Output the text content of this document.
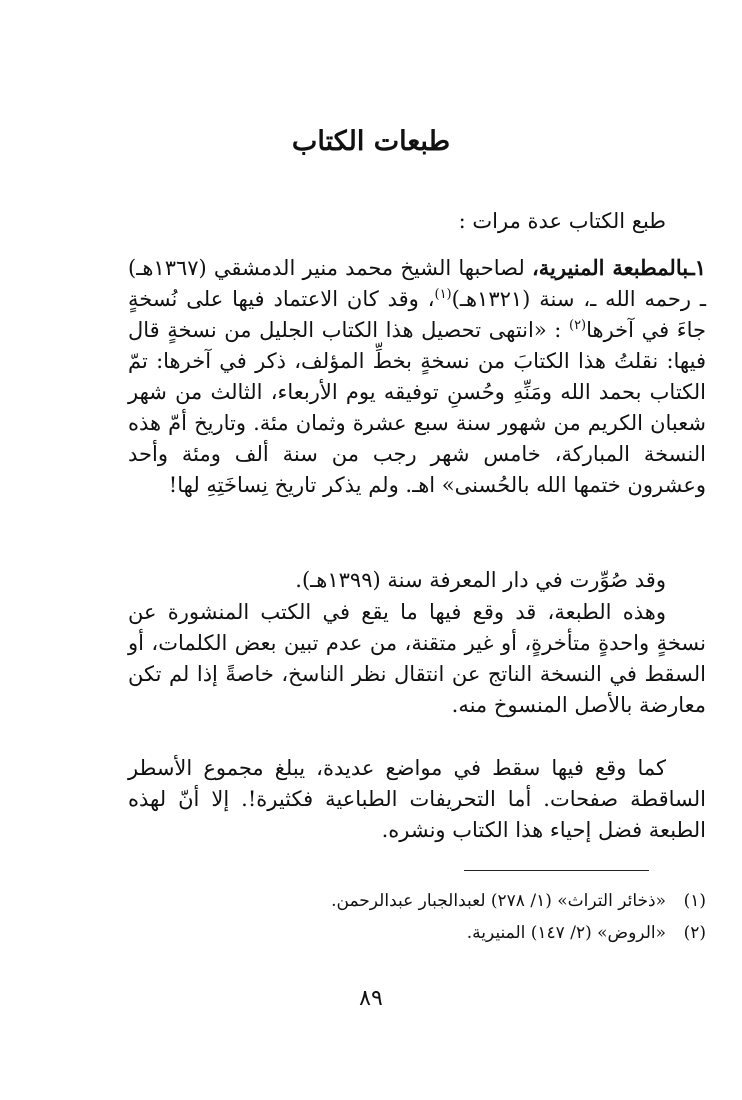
طبعات الكتاب

طبع الكتاب عدة مرات :

١ـبالمطبعة المنيرية، لصاحبها الشيخ محمد منير الدمشقي (١٣٦٧هـ) ـ رحمه الله ـ، سنة (١٣٢١هـ)$^{(١)}$، وقد كان الاعتماد فيها على نُسخةٍ جاءَ في آخرها$^{(٢)}$ : «انتهى تحصيل هذا الكتاب الجليل من نسخةٍ قال فيها: نقلتُ هذا الكتابَ من نسخةٍ بخطِّ المؤلف، ذكر في آخرها: تمّ الكتاب بحمد الله ومَنِّهِ وحُسنِ توفيقه يوم الأربعاء، الثالث من شهر شعبان الكريم من شهور سنة سبع عشرة وثمان مئة. وتاريخ أمّ هذه النسخة المباركة، خامس شهر رجب من سنة ألف ومئة وأحد وعشرون ختمها الله بالحُسنى» اهـ. ولم يذكر تاريخ نِساخَتِهِ لها!

وقد صُوِّرت في دار المعرفة سنة (١٣٩٩هـ).

وهذه الطبعة، قد وقع فيها ما يقع في الكتب المنشورة عن نسخةٍ واحدةٍ متأخرةٍ، أو غير متقنة، من عدم تبين بعض الكلمات، أو السقط في النسخة الناتج عن انتقال نظر الناسخ، خاصةً إذا لم تكن معارضة بالأصل المنسوخ منه.

كما وقع فيها سقط في مواضع عديدة، يبلغ مجموع الأسطر الساقطة صفحات. أما التحريفات الطباعية فكثيرة!. إلا أنّ لهذه الطبعة فضل إحياء هذا الكتاب ونشره.

(١)«ذخائر التراث» (١/ ٢٧٨) لعبدالجبار عبدالرحمن.
(٢)«الروض» (٢/ ١٤٧) المنيرية.
٨٩
